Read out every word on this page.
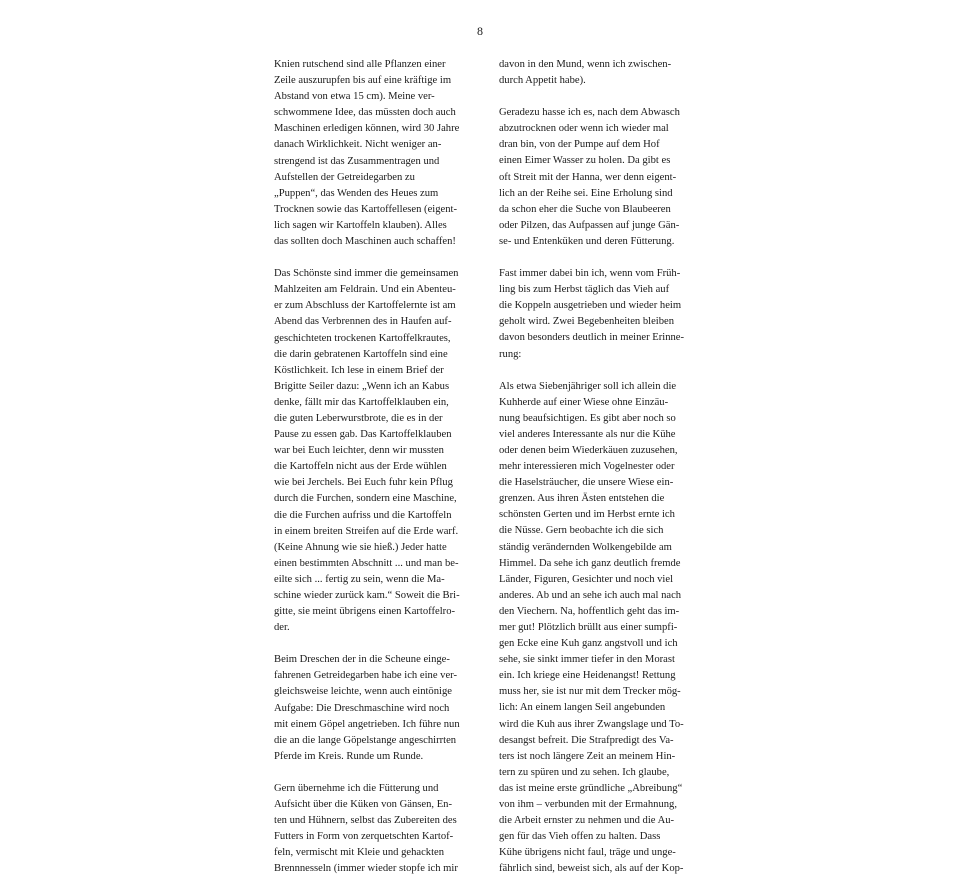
8
Knien rutschend sind alle Pflanzen einer
Zeile auszurupfen bis auf eine kräftige im
Abstand von etwa 15 cm). Meine ver-
schwommene Idee, das müssten doch auch
Maschinen erledigen können, wird 30 Jahre
danach Wirklichkeit. Nicht weniger an-
strengend ist das Zusammentragen und
Aufstellen der Getreidegarben zu
„Puppen“, das Wenden des Heues zum
Trocknen sowie das Kartoffellesen (eigent-
lich sagen wir Kartoffeln klauben). Alles
das sollten doch Maschinen auch schaffen!
Das Schönste sind immer die gemeinsamen
Mahlzeiten am Feldrain. Und ein Abenteu-
er zum Abschluss der Kartoffelernte ist am
Abend das Verbrennen des in Haufen auf-
geschichteten trockenen Kartoffelkrautes,
die darin gebratenen Kartoffeln sind eine
Köstlichkeit. Ich lese in einem Brief der
Brigitte Seiler dazu: „Wenn ich an Kabus
denke, fällt mir das Kartoffelklauben ein,
die guten Leberwurstbrote, die es in der
Pause zu essen gab. Das Kartoffelklauben
war bei Euch leichter, denn wir mussten
die Kartoffeln nicht aus der Erde wühlen
wie bei Jerchels. Bei Euch fuhr kein Pflug
durch die Furchen, sondern eine Maschine,
die die Furchen aufriss und die Kartoffeln
in einem breiten Streifen auf die Erde warf.
(Keine Ahnung wie sie hieß.) Jeder hatte
einen bestimmten Abschnitt ... und man be-
eilte sich ... fertig zu sein, wenn die Ma-
schine wieder zurück kam.“ Soweit die Bri-
gitte, sie meint übrigens einen Kartoffelro-
der.
Beim Dreschen der in die Scheune einge-
fahrenen Getreidegarben habe ich eine ver-
gleichsweise leichte, wenn auch eintönige
Aufgabe: Die Dreschmaschine wird noch
mit einem Göpel angetrieben. Ich führe nun
die an die lange Göpelstange angeschirrten
Pferde im Kreis. Runde um Runde.
Gern übernehme ich die Fütterung und
Aufsicht über die Küken von Gänsen, En-
ten und Hühnern, selbst das Zubereiten des
Futters in Form von zerquetschten Kartof-
feln, vermischt mit Kleie und gehackten
Brennnesseln (immer wieder stopfe ich mir
davon in den Mund, wenn ich zwischen-
durch Appetit habe).
Geradezu hasse ich es, nach dem Abwasch
abzutrocknen oder wenn ich wieder mal
dran bin, von der Pumpe auf dem Hof
einen Eimer Wasser zu holen. Da gibt es
oft Streit mit der Hanna, wer denn eigent-
lich an der Reihe sei. Eine Erholung sind
da schon eher die Suche von Blaubeeren
oder Pilzen, das Aufpassen auf junge Gän-
se- und Entenküken und deren Fütterung.
Fast immer dabei bin ich, wenn vom Früh-
ling bis zum Herbst täglich das Vieh auf
die Koppeln ausgetrieben und wieder heim
geholt wird. Zwei Begebenheiten bleiben
davon besonders deutlich in meiner Erinne-
rung:
Als etwa Siebenjähriger soll ich allein die
Kuhherde auf einer Wiese ohne Einzäu-
nung beaufsichtigen. Es gibt aber noch so
viel anderes Interessante als nur die Kühe
oder denen beim Wiederkäuen zuzusehen,
mehr interessieren mich Vogelnester oder
die Haselsträucher, die unsere Wiese ein-
grenzen. Aus ihren Ästen entstehen die
schönsten Gerten und im Herbst ernte ich
die Nüsse. Gern beobachte ich die sich
ständig verändernden Wolkengebilde am
Himmel. Da sehe ich ganz deutlich fremde
Länder, Figuren, Gesichter und noch viel
anderes. Ab und an sehe ich auch mal nach
den Viechern. Na, hoffentlich geht das im-
mer gut! Plötzlich brüllt aus einer sumpfi-
gen Ecke eine Kuh ganz angstvoll und ich
sehe, sie sinkt immer tiefer in den Morast
ein. Ich kriege eine Heidenangst! Rettung
muss her, sie ist nur mit dem Trecker mög-
lich: An einem langen Seil angebunden
wird die Kuh aus ihrer Zwangslage und To-
desangst befreit. Die Strafpredigt des Va-
ters ist noch längere Zeit an meinem Hin-
tern zu spüren und zu sehen. Ich glaube,
das ist meine erste gründliche „Abreibung“
von ihm – verbunden mit der Ermahnung,
die Arbeit ernster zu nehmen und die Au-
gen für das Vieh offen zu halten. Dass
Kühe übrigens nicht faul, träge und unge-
fährlich sind, beweist sich, als auf der Kop-
